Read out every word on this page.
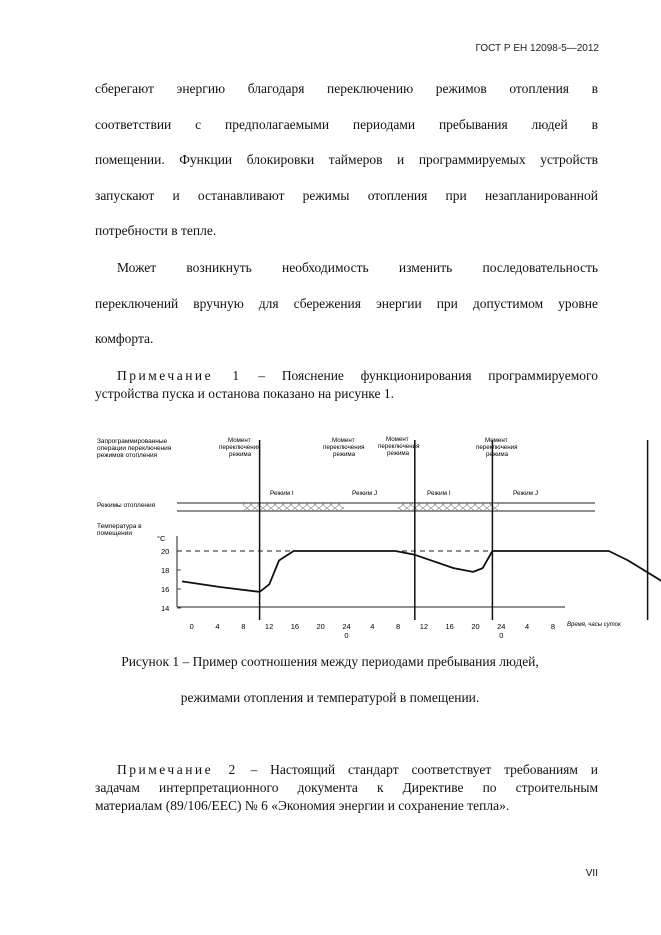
ГОСТ Р ЕН 12098-5—2012
сберегают энергию благодаря переключению режимов отопления в
соответствии с предполагаемыми периодами пребывания людей в
помещении. Функции блокировки таймеров и программируемых устройств
запускают и останавливают режимы отопления при незапланированной
потребности в тепле.
Может возникнуть необходимость изменить последовательность
переключений вручную для сбережения энергии при допустимом уровне
комфорта.
Примечание 1 – Пояснение функционирования программируемого
устройства пуска и останова показано на рисунке 1.
Запрограммированные
операции переключения
режимов отопления
Режимы отопления
Режим I	Режим J	Режим I	Режим J
Момент
переключения
режима
Момент
переключения
режима
Момент
переключения
режима
Момент
переключения
режима
Температура в
помещении
°C
14
16
18
20
0	4	8	12 16 20 24
0
4	8	12 16 20 24
0
4	8 Время, часы суток

Рисунок 1 – Пример соотношения между периодами пребывания людей,

режимами отопления и температурой в помещении.

Примечание 2 – Настоящий стандарт соответствует требованиям и
задачам интерпретационного документа к Директиве по строительным
материалам (89/106/EEC) № 6 «Экономия энергии и сохранение тепла».
VII
